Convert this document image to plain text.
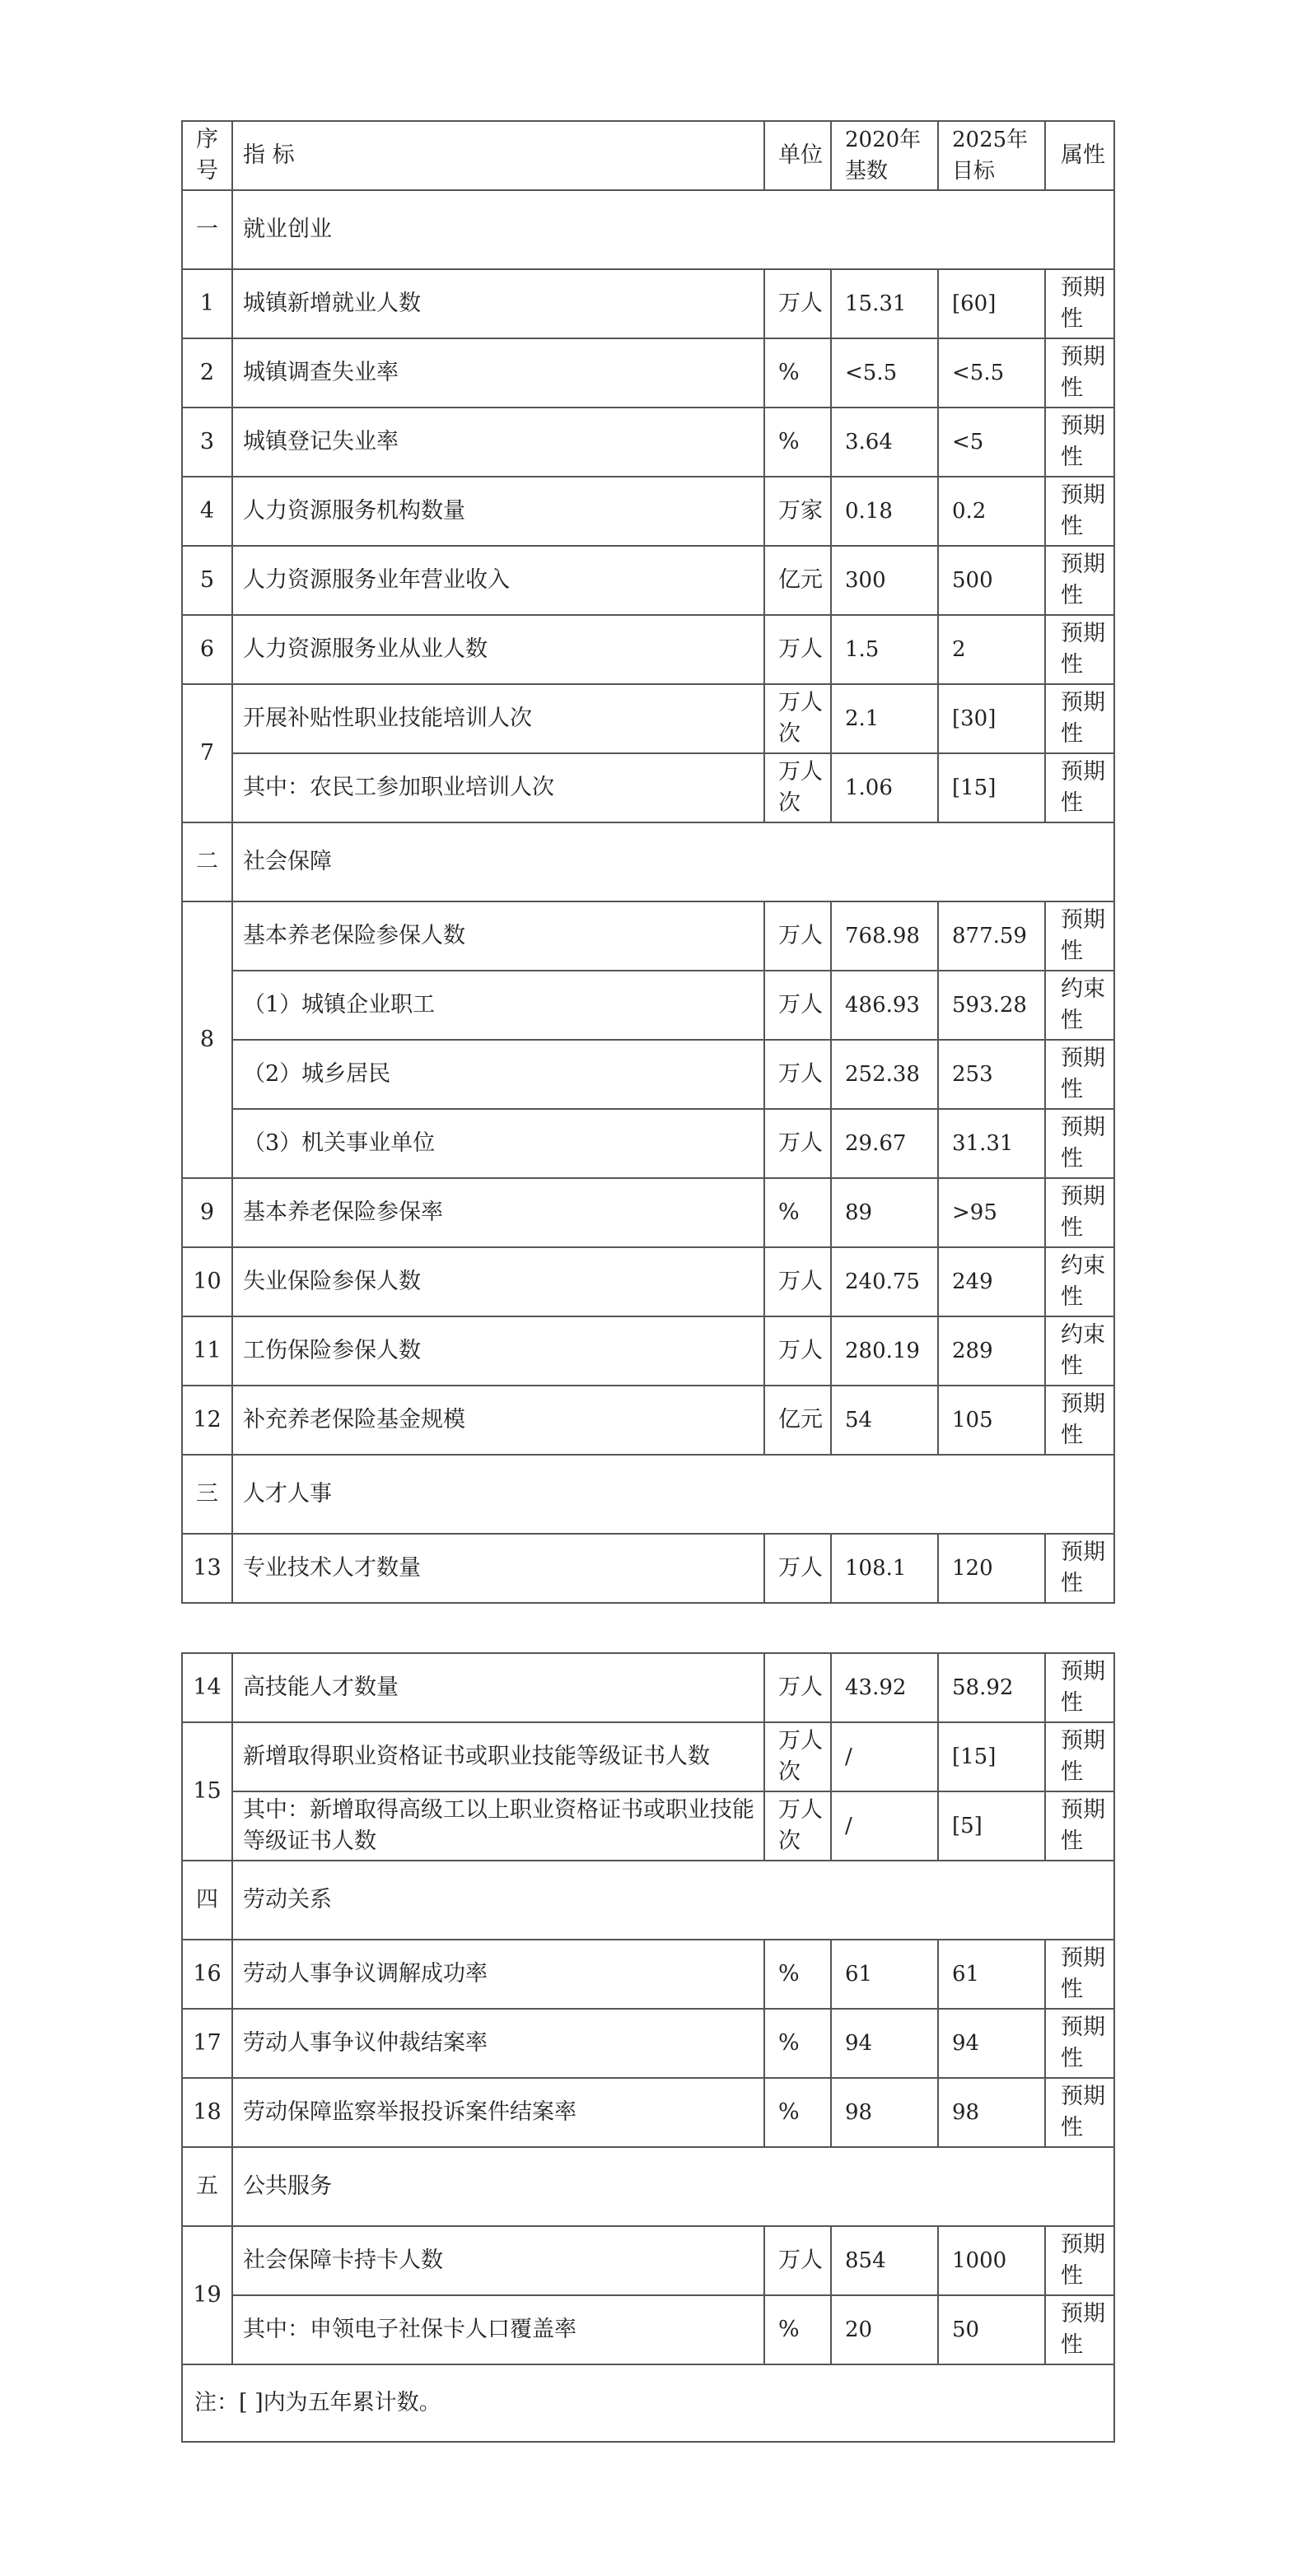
序号	指 标	单位	2020年基数	2025年目标	属性
一	就业创业				
1	城镇新增就业人数	万人	15.31	[60]	预期性
2	城镇调查失业率	%	<5.5	<5.5	预期性
3	城镇登记失业率	%	3.64	<5	预期性
4	人力资源服务机构数量	万家	0.18	0.2	预期性
5	人力资源服务业年营业收入	亿元	300	500	预期性
6	人力资源服务业从业人数	万人	1.5	2	预期性
7	开展补贴性职业技能培训人次	万人次	2.1	[30]	预期性
	其中：农民工参加职业培训人次	万人次	1.06	[15]	预期性
二	社会保障				
8	基本养老保险参保人数	万人	768.98	877.59	预期性
	（1）城镇企业职工	万人	486.93	593.28	约束性
	（2）城乡居民	万人	252.38	253	预期性
	（3）机关事业单位	万人	29.67	31.31	预期性
9	基本养老保险参保率	%	89	>95	预期性
10	失业保险参保人数	万人	240.75	249	约束性
11	工伤保险参保人数	万人	280.19	289	约束性
12	补充养老保险基金规模	亿元	54	105	预期性
三	人才人事				
13	专业技术人才数量	万人	108.1	120	预期性
14	高技能人才数量	万人	43.92	58.92	预期性
15	新增取得职业资格证书或职业技能等级证书人数	万人次	/	[15]	预期性
	其中：新增取得高级工以上职业资格证书或职业技能等级证书人数	万人次	/	[5]	预期性
四	劳动关系				
16	劳动人事争议调解成功率	%	61	61	预期性
17	劳动人事争议仲裁结案率	%	94	94	预期性
18	劳动保障监察举报投诉案件结案率	%	98	98	预期性
五	公共服务				
19	社会保障卡持卡人数	万人	854	1000	预期性
	其中：申领电子社保卡人口覆盖率	%	20	50	预期性
注：[ ]内为五年累计数。					
